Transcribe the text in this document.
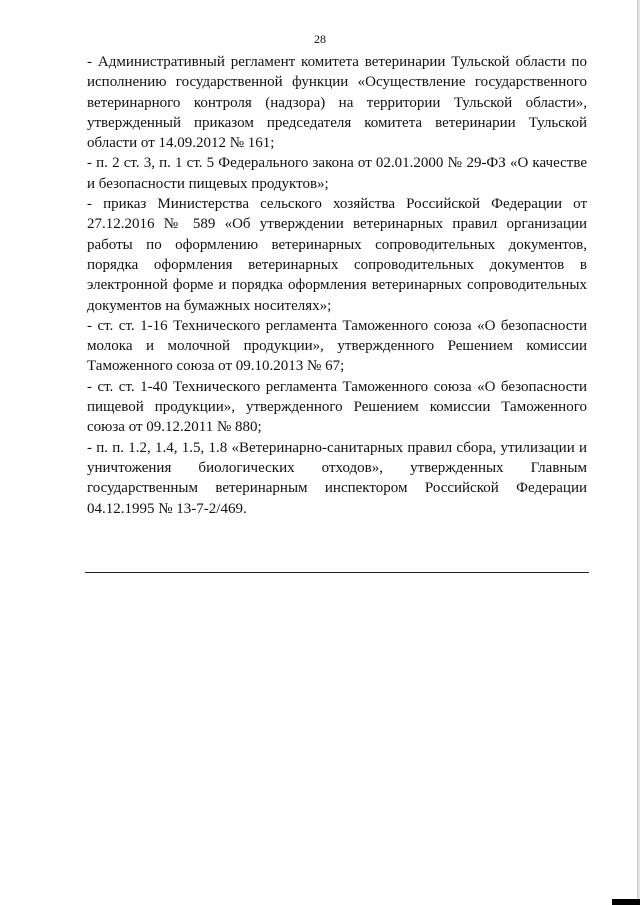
28

- Административный регламент комитета ветеринарии Тульской области по исполнению государственной функции «Осуществление государственного ветеринарного контроля (надзора) на территории Тульской области», утвержденный приказом председателя комитета ветеринарии Тульской области от 14.09.2012 № 161;

- п. 2 ст. 3, п. 1 ст. 5 Федерального закона от 02.01.2000 № 29-ФЗ «О качестве и безопасности пищевых продуктов»;

- приказ Министерства сельского хозяйства Российской Федерации от 27.12.2016 № 589 «Об утверждении ветеринарных правил организации работы по оформлению ветеринарных сопроводительных документов, порядка оформления ветеринарных сопроводительных документов в электронной форме и порядка оформления ветеринарных сопроводительных документов на бумажных носителях»;

- ст. ст. 1-16 Технического регламента Таможенного союза «О безопасности молока и молочной продукции», утвержденного Решением комиссии Таможенного союза от 09.10.2013 № 67;

- ст. ст. 1-40 Технического регламента Таможенного союза «О безопасности пищевой продукции», утвержденного Решением комиссии Таможенного союза от 09.12.2011 № 880;

- п. п. 1.2, 1.4, 1.5, 1.8 «Ветеринарно-санитарных правил сбора, утилизации и уничтожения биологических отходов», утвержденных Главным государственным ветеринарным инспектором Российской Федерации 04.12.1995 № 13-7-2/469.
